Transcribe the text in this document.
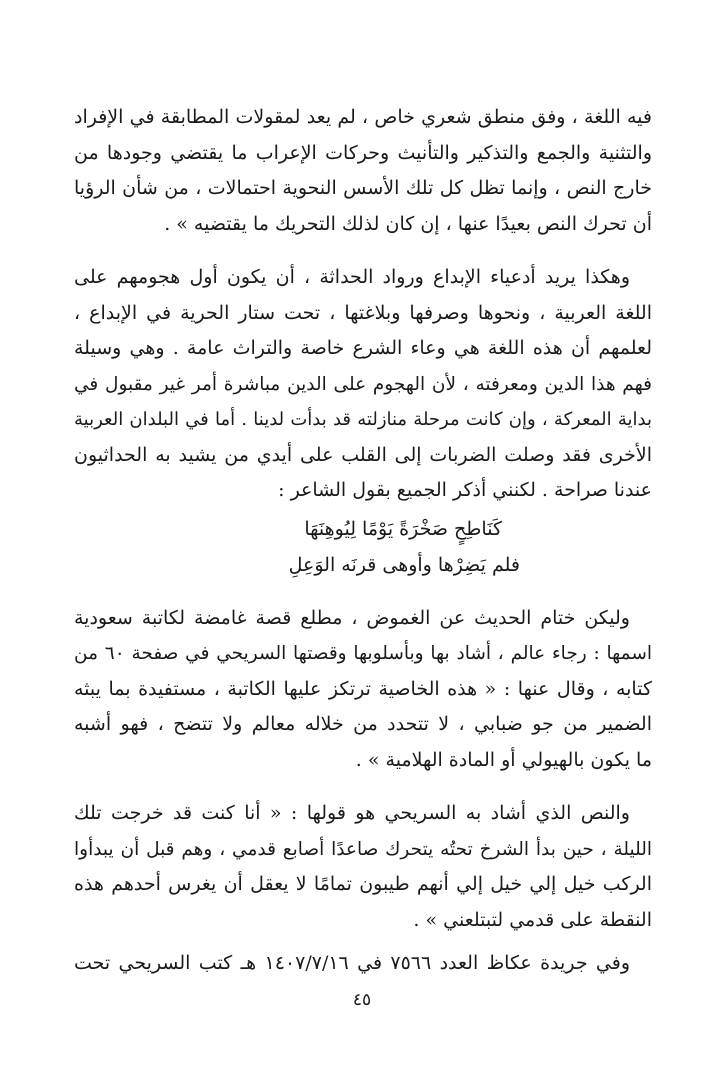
فيه اللغة ، وفق منطق شعري خاص ، لم يعد لمقولات المطابقة في الإفراد
والتثنية والجمع والتذكير والتأنيث وحركات الإعراب ما يقتضي وجودها من
خارج النص ، وإنما تظل كل تلك الأسس النحوية احتمالات ، من شأن الرؤيا
أن تحرك النص بعيدًا عنها ، إن كان لذلك التحريك ما يقتضيه » .

وهكذا يريد أدعياء الإبداع ورواد الحداثة ، أن يكون أول هجومهم على
اللغة العربية ، ونحوها وصرفها وبلاغتها ، تحت ستار الحرية في الإبداع ،
لعلمهم أن هذه اللغة هي وعاء الشرع خاصة والتراث عامة . وهي وسيلة
فهم هذا الدين ومعرفته ، لأن الهجوم على الدين مباشرة أمر غير مقبول في
بداية المعركة ، وإن كانت مرحلة منازلته قد بدأت لدينا . أما في البلدان العربية
الأخرى فقد وصلت الضربات إلى القلب على أيدي من يشيد به الحداثيون
عندنا صراحة . لكنني أذكر الجميع بقول الشاعر :

كَنَاطِحٍ صَخْرَةً يَوْمًا لِيُوهِنَهَا
فلم يَضِرْها وأوهى قرنَه الوَعِلِ

وليكن ختام الحديث عن الغموض ، مطلع قصة غامضة لكاتبة سعودية
اسمها : رجاء عالم ، أشاد بها وبأسلوبها وقصتها السريحي في صفحة ٦٠ من
كتابه ، وقال عنها : « هذه الخاصية ترتكز عليها الكاتبة ، مستفيدة بما يبثه
الضمير من جو ضبابي ، لا تتحدد من خلاله معالم ولا تتضح ، فهو أشبه
ما يكون بالهيولي أو المادة الهلامية » .

والنص الذي أشاد به السريحي هو قولها : « أنا كنت قد خرجت تلك
الليلة ، حين بدأ الشرخ تحتُه يتحرك صاعدًا أصابع قدمي ، وهم قبل أن يبدأوا
الركب خيل إلي خيل إلي أنهم طيبون تمامًا لا يعقل أن يغرس أحدهم هذه
النقطة على قدمي لتبتلعني » .

وفي جريدة عكاظ العدد ٧٥٦٦ في ١٤٠٧/٧/١٦ هـ كتب السريحي تحت

٤٥
